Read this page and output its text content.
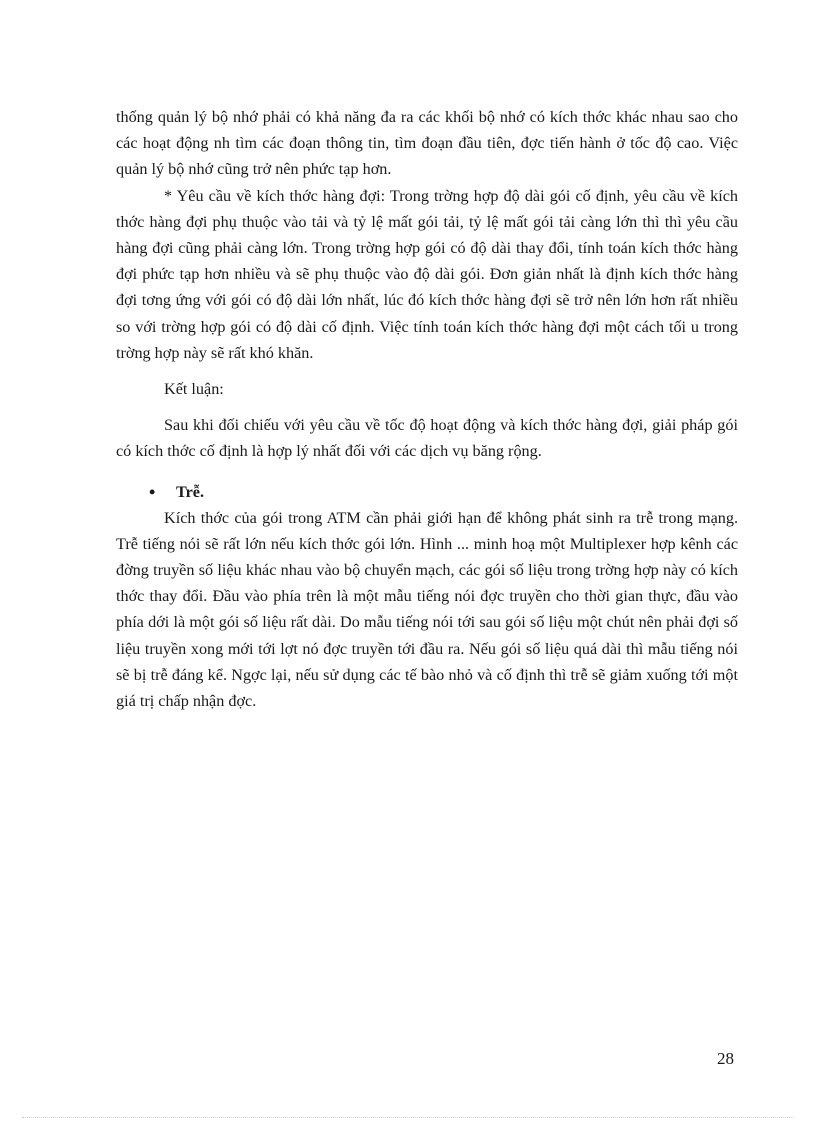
thống quản lý bộ nhớ phải có khả năng đa ra các khối bộ nhớ có kích thớc khác nhau sao cho các hoạt động nh tìm các đoạn thông tin, tìm đoạn đầu tiên, đợc tiến hành ở tốc độ cao. Việc quản lý bộ nhớ cũng trở nên phức tạp hơn.

* Yêu cầu về kích thớc hàng đợi: Trong trờng hợp độ dài gói cố định, yêu cầu về kích thớc hàng đợi phụ thuộc vào tải và tỷ lệ mất gói tải, tỷ lệ mất gói tải càng lớn thì thì yêu cầu hàng đợi cũng phải càng lớn. Trong trờng hợp gói có độ dài thay đổi, tính toán kích thớc hàng đợi phức tạp hơn nhiều và sẽ phụ thuộc vào độ dài gói. Đơn giản nhất là định kích thớc hàng đợi tơng ứng với gói có độ dài lớn nhất, lúc đó kích thớc hàng đợi sẽ trở nên lớn hơn rất nhiều so với trờng hợp gói có độ dài cố định. Việc tính toán kích thớc hàng đợi một cách tối u trong trờng hợp này sẽ rất khó khăn.

Kết luận:

Sau khi đối chiếu với yêu cầu về tốc độ hoạt động và kích thớc hàng đợi, giải pháp gói có kích thớc cố định là hợp lý nhất đối với các dịch vụ băng rộng.

• Trễ.

Kích thớc của gói trong ATM cần phải giới hạn để không phát sinh ra trễ trong mạng. Trễ tiếng nói sẽ rất lớn nếu kích thớc gói lớn. Hình ... minh hoạ một Multiplexer hợp kênh các đờng truyền số liệu khác nhau vào bộ chuyển mạch, các gói số liệu trong trờng hợp này có kích thớc thay đổi. Đầu vào phía trên là một mẫu tiếng nói đợc truyền cho thời gian thực, đầu vào phía dới là một gói số liệu rất dài. Do mẫu tiếng nói tới sau gói số liệu một chút nên phải đợi số liệu truyền xong mới tới lợt nó đợc truyền tới đầu ra. Nếu gói số liệu quá dài thì mẫu tiếng nói sẽ bị trễ đáng kể. Ngợc lại, nếu sử dụng các tế bào nhỏ và cố định thì trễ sẽ giảm xuống tới một giá trị chấp nhận đợc.

28
